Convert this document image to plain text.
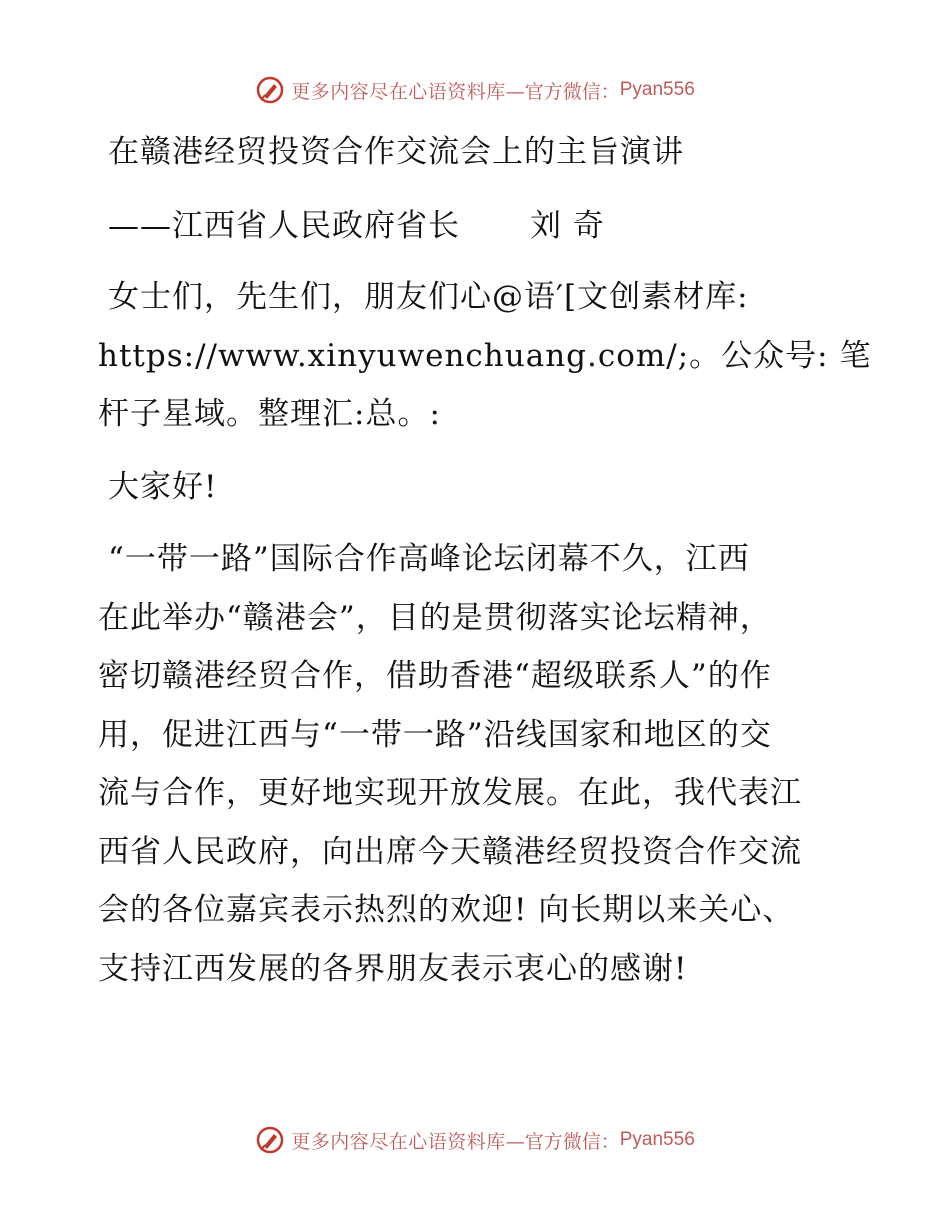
更多内容尽在心语资料库 —官方微信： Pyan556
在赣港经贸投资合作交流会上的主旨演讲
——江西省人民政府省长 刘 奇
女士们，先生们，朋友们心@语′[文创素材库:
https://www.xinyuwenchuang.com/;。公众号: 笔
杆子星域。整理汇:总。:
大家好!
“一带一路”国际合作高峰论坛闭幕不久，江西
在此举办“赣港会”，目的是贯彻落实论坛精神，
密切赣港经贸合作，借助香港“超级联系人”的作
用，促进江西与“一带一路”沿线国家和地区的交
流与合作，更好地实现开放发展。在此，我代表江
西省人民政府，向出席今天赣港经贸投资合作交流
会的各位嘉宾表示热烈的欢迎! 向长期以来关心、
支持江西发展的各界朋友表示衷心的感谢!
更多内容尽在心语资料库 —官方微信： Pyan556
